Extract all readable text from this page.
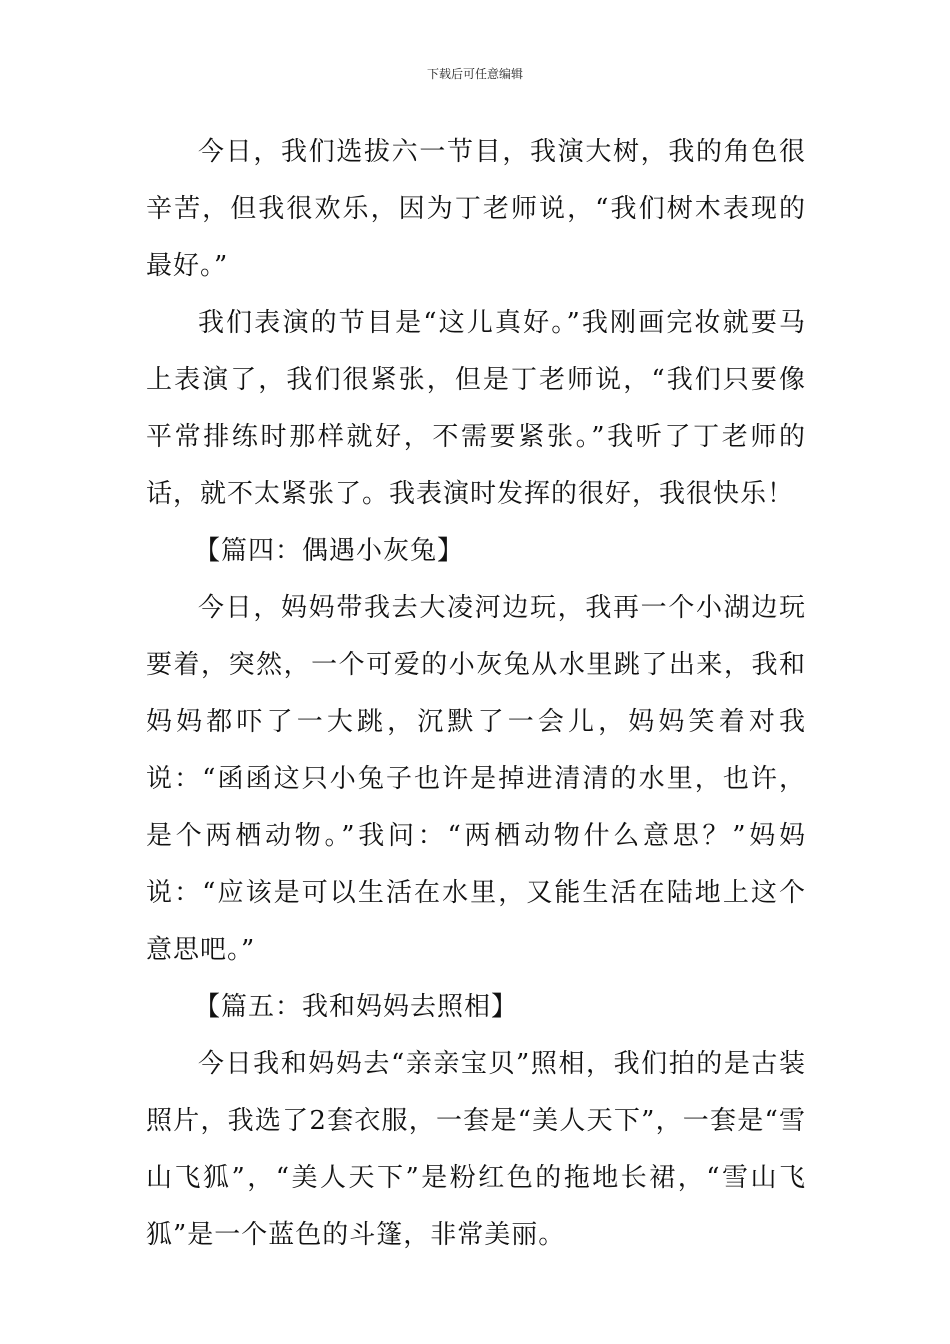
下载后可任意编辑

今日，我们选拔六一节目，我演大树，我的角色很辛苦，但我很欢乐，因为丁老师说，“我们树木表现的最好。”

我们表演的节目是“这儿真好。”我刚画完妆就要马上表演了，我们很紧张，但是丁老师说，“我们只要像平常排练时那样就好，不需要紧张。”我听了丁老师的话，就不太紧张了。我表演时发挥的很好，我很快乐！

【篇四：偶遇小灰兔】

今日，妈妈带我去大凌河边玩，我再一个小湖边玩要着，突然，一个可爱的小灰兔从水里跳了出来，我和妈妈都吓了一大跳，沉默了一会儿，妈妈笑着对我说：“函函这只小兔子也许是掉进清清的水里，也许，是个两栖动物。”我问：“两栖动物什么意思？”妈妈说：“应该是可以生活在水里，又能生活在陆地上这个意思吧。”

【篇五：我和妈妈去照相】

今日我和妈妈去“亲亲宝贝”照相，我们拍的是古装照片，我选了2套衣服，一套是“美人天下”，一套是“雪山飞狐”，“美人天下”是粉红色的拖地长裙，“雪山飞狐”是一个蓝色的斗篷，非常美丽。
